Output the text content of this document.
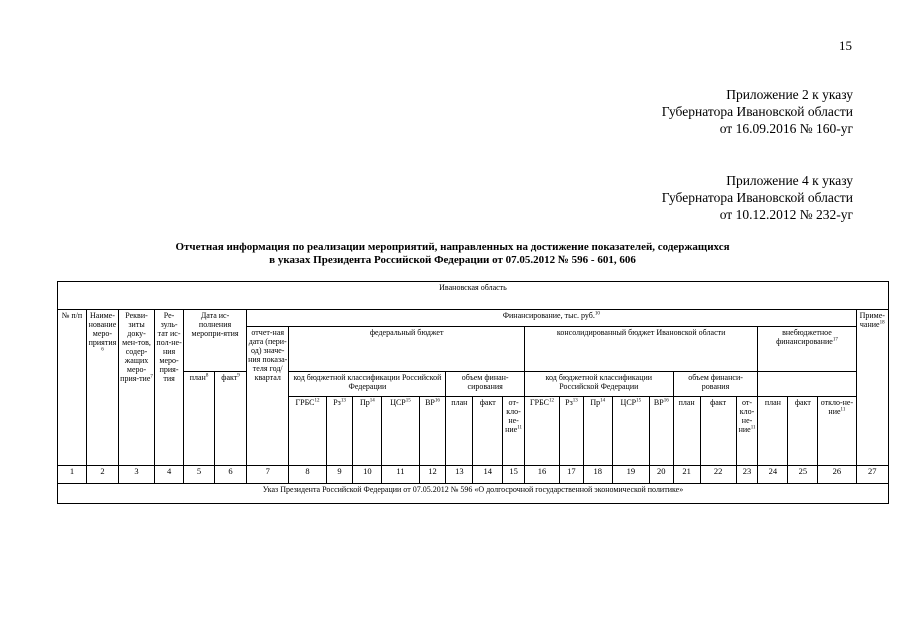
15
Приложение 2 к указу
Губернатора Ивановской области
от 16.09.2016 № 160-уг
Приложение 4 к указу
Губернатора Ивановской области
от 10.12.2012 № 232-уг
Отчетная информация по реализации мероприятий, направленных на достижение показателей, содержащихся
в указах Президента Российской Федерации от 07.05.2012 № 596 - 601, 606
Ивановская область																										
№ п/п	Наиме-нование меро-приятия$^6$	Рекви-зиты доку-мен-тов, содер-жащих меро-прия-тие$^7$	Ре-зуль-тат ис-пол-не-ния меро-прия-тия	Дата ис-полнения меропри-ятия		Финансирование, тыс. руб.$^{10}$																				Приме-чание$^{18}$
						отчет-ная дата (пери-од) значе-ния показа-теля год/ квартал	федеральный бюджет								консолидированный бюджет Ивановской области								внебюджетное финансирование$^{17}$
				план$^8$	факт$^9$		код бюджетной классификации Российской Федерации					объем финан-сирования			код бюджетной классификации Российской Федерации					объем финанси-рования						
							ГРБС$^{12}$	$Рз^{13}$	$Пр^{14}$	ЦСР$^{15}$	ВР$^{16}$	план	факт	от-кло-не-ние$^{11}$	ГРБС$^{12}$	$Рз^{13}$	$Пр^{14}$	ЦСР$^{15}$	ВР$^{16}$	план	факт	от-кло-не-ние$^{11}$	план	факт	откло-не-ние$^{11}$
1	2	3	4	5	6	7	8	9	10	11	12	13	14	15	16	17	18	19	20	21	22	23	24	25	26	27
Указ Президента Российской Федерации от 07.05.2012 № 596 «О долгосрочной государственной экономической политике»																										
